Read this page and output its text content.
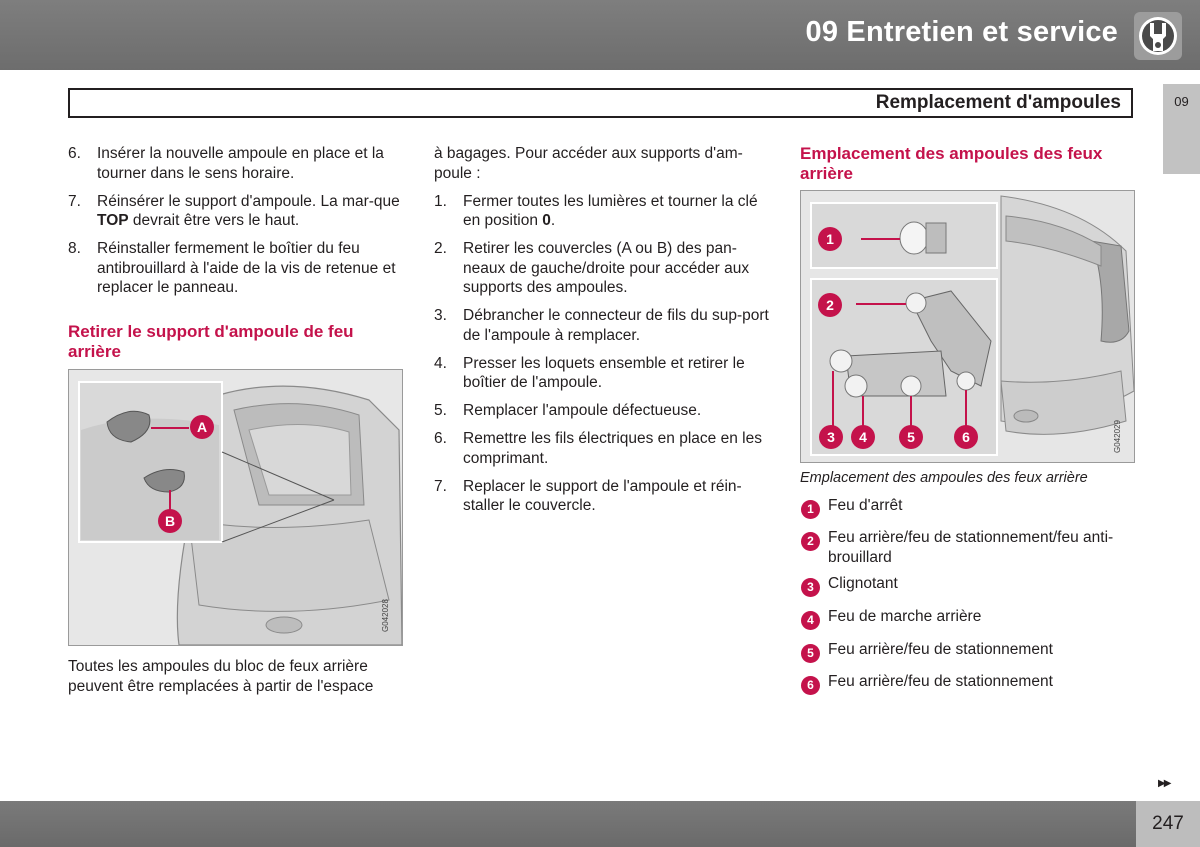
09 Entretien et service
Remplacement d'ampoules	09
6. Insérer la nouvelle ampoule en place et la tourner dans le sens horaire.
7. Réinsérer le support d'ampoule. La mar-que TOP devrait être vers le haut.
8. Réinstaller fermement le boîtier du feu antibrouillard à l'aide de la vis de retenue et replacer le panneau.
Retirer le support d'ampoule de feu arrière
A
B
G042028
Toutes les ampoules du bloc de feux arrière peuvent être remplacées à partir de l'espace
à bagages. Pour accéder aux supports d'am-poule :
1. Fermer toutes les lumières et tourner la clé en position 0.
2. Retirer les couvercles (A ou B) des pan-neaux de gauche/droite pour accéder aux supports des ampoules.
3. Débrancher le connecteur de fils du sup-port de l'ampoule à remplacer.
4. Presser les loquets ensemble et retirer le boîtier de l'ampoule.
5. Remplacer l'ampoule défectueuse.
6. Remettre les fils électriques en place en les comprimant.
7. Replacer le support de l'ampoule et réin-staller le couvercle.
Emplacement des ampoules des feux arrière
1
2
3	4	5	6	G042029
Emplacement des ampoules des feux arrière
1 Feu d'arrêt
2 Feu arrière/feu de stationnement/feu anti-brouillard
3 Clignotant
4 Feu de marche arrière
5 Feu arrière/feu de stationnement
6 Feu arrière/feu de stationnement
▶▶
247
